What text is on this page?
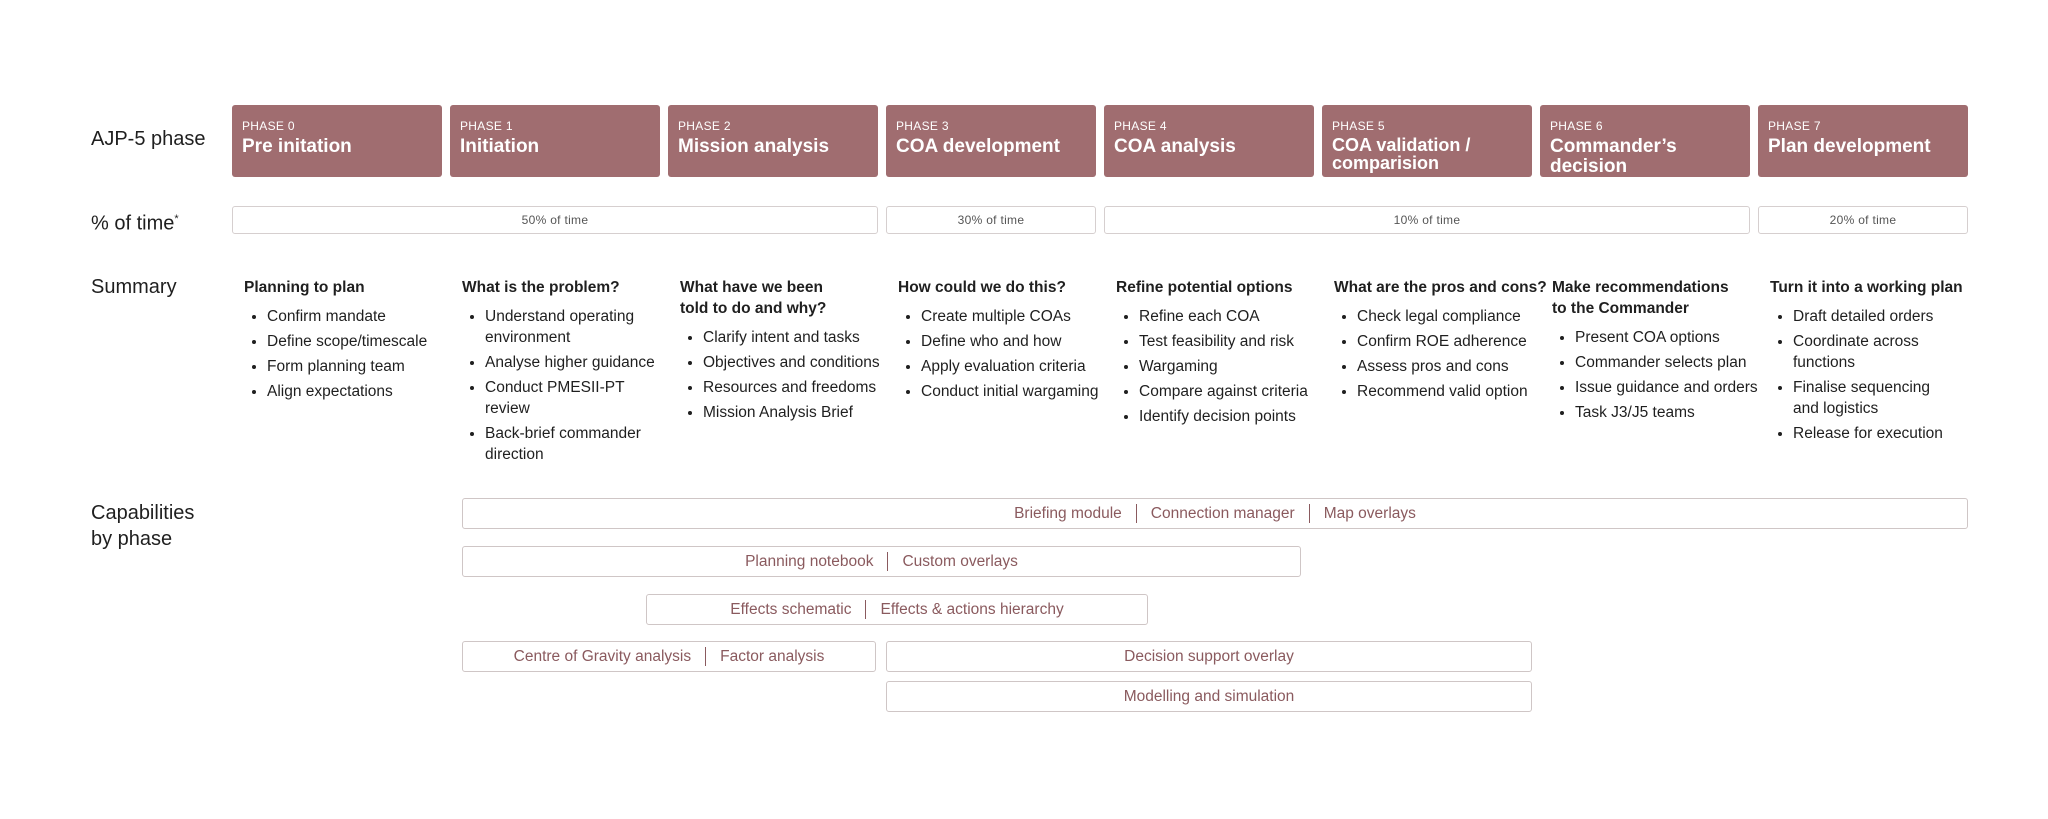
AJP-5 phase
% of time*
Summary
Capabilities
by phase
PHASE 0
Pre initation
PHASE 1
Initiation
PHASE 2
Mission analysis
PHASE 3
COA development
PHASE 4
COA analysis
PHASE 5
COA validation / comparision
PHASE 6
Commander’s decision
PHASE 7
Plan development
50% of time	30% of time	10% of time	20% of time
Planning to plan
• Confirm mandate
• Define scope/timescale
• Form planning team
• Align expectations
What is the problem?
• Understand operating environment
• Analyse higher guidance
• Conduct PMESII-PT review
• Back-brief commander direction
What have we been told to do and why?
• Clarify intent and tasks
• Objectives and conditions
• Resources and freedoms
• Mission Analysis Brief
How could we do this?
• Create multiple COAs
• Define who and how
• Apply evaluation criteria
• Conduct initial wargaming
Refine potential options
• Refine each COA
• Test feasibility and risk
• Wargaming
• Compare against criteria
• Identify decision points
What are the pros and cons?
• Check legal compliance
• Confirm ROE adherence
• Assess pros and cons
• Recommend valid option
Make recommendations to the Commander
• Present COA options
• Commander selects plan
• Issue guidance and orders
• Task J3/J5 teams
Turn it into a working plan
• Draft detailed orders
• Coordinate across functions
• Finalise sequencing and logistics
• Release for execution
Briefing module Connection manager Map overlays
Planning notebook Custom overlays
Effects schematic Effects & actions hierarchy
Centre of Gravity analysis Factor analysis	Decision support overlay
Modelling and simulation
